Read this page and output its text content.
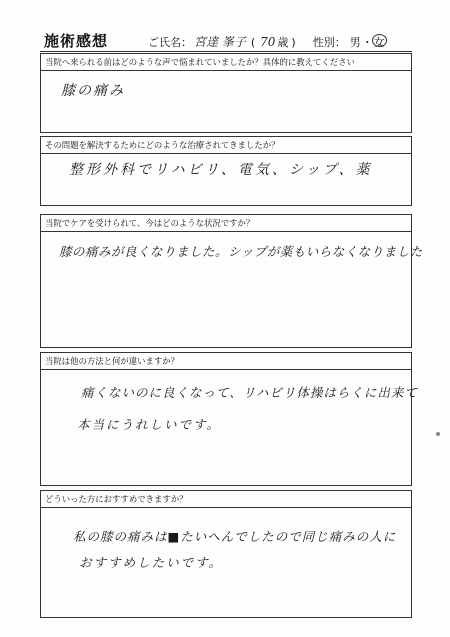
施術感想	ご氏名： 宮達 峯子 ( 70 歳 ) 性別： 男 ・ 女
当院へ来られる前はどのような声で悩まれていましたか？具体的に教えてください
膝の痛み
その問題を解決するためにどのような治療されてきましたか？
整形外科でリハビリ、電気、シップ、薬
当院でケアを受けられて、今はどのような状況ですか？
膝の痛みが良くなりました。シップが薬もいらなくなりました
当院は他の方法と何が違いますか？
痛くないのに良くなって、リハビリ体操はらくに出来て
本当にうれしいです。
どういった方におすすめできますか？
私の膝の痛みは■たいへんでしたので同じ痛みの人に
おすすめしたいです。
